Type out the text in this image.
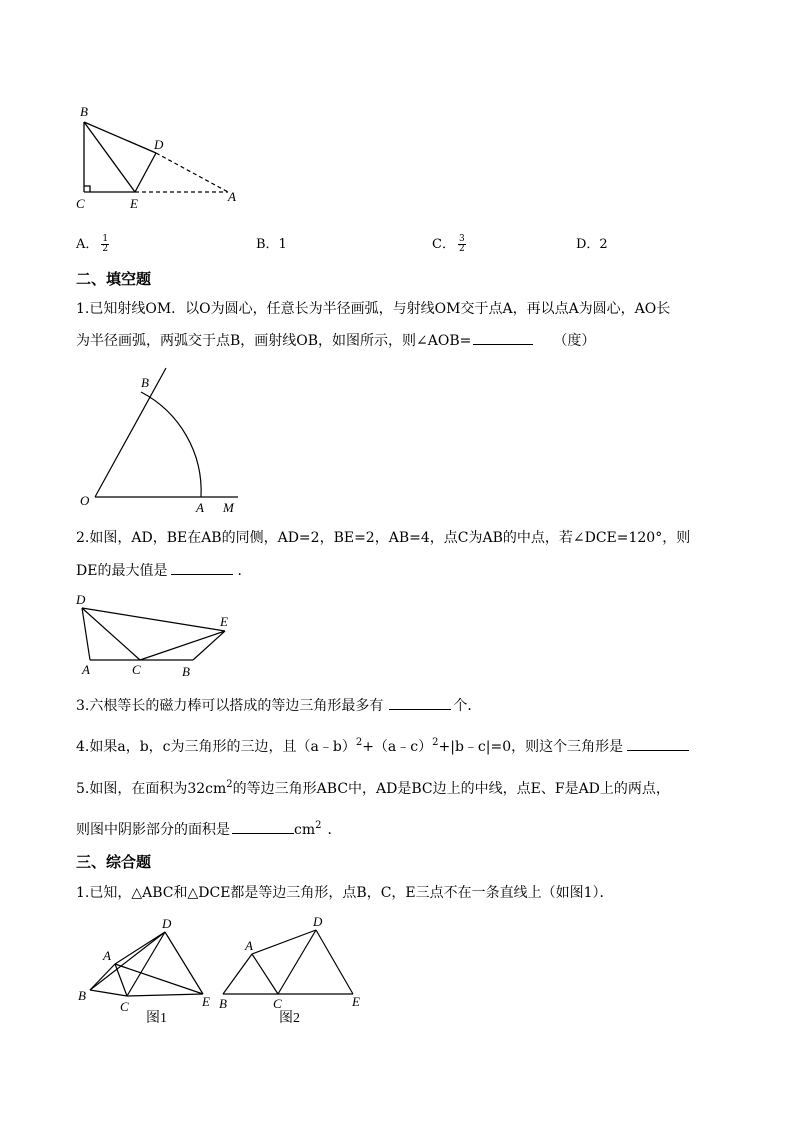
B
D
C	E	A
A． $\frac{1}{2}$	B．1	C． $\frac{3}{2}$	D．2
二、填空题
1.已知射线OM．以O为圆心，任意长为半径画弧，与射线OM交于点A，再以点A为圆心，AO长
为半径画弧，两弧交于点B，画射线OB，如图所示，则∠AOB=	（度）
B
O	A M
2.如图，AD，BE在AB的同侧，AD=2，BE=2，AB=4，点C为AB的中点，若∠DCE=120°，则
DE的最大值是	．
D
E
A	C	B
3.六根等长的磁力棒可以搭成的等边三角形最多有	个．
4.如果a，b，c为三角形的三边，且（a﹣b）$^2$+（a﹣c）$^2$+|b﹣c|=0，则这个三角形是
5.如图，在面积为$32cm^2$的等边三角形ABC中，AD是BC边上的中线，点E、F是AD上的两点，
则图中阴影部分的面积是	$cm^2$ ．
三、综合题
1.已知，△ABC和△DCE都是等边三角形，点B，C，E三点不在一条直线上（如图1）．
A
D
B
C	E
图1
A
D
B	C	E
图2
